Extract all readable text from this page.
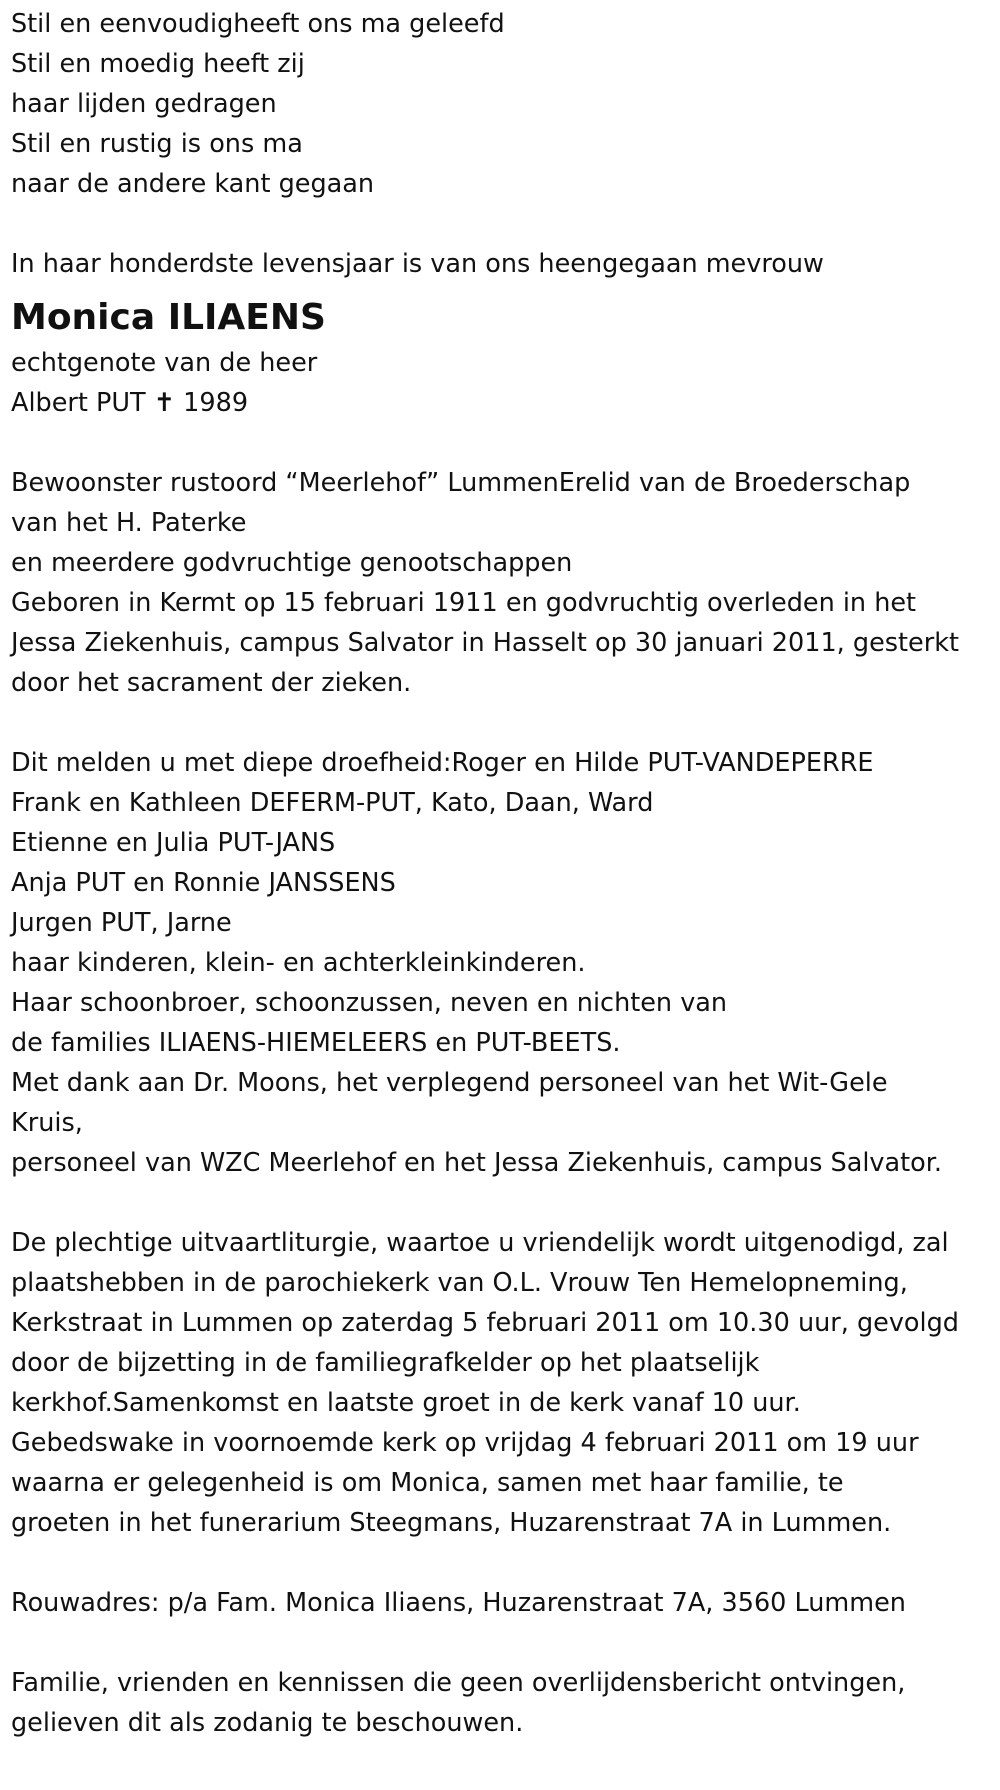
Stil en eenvoudigheeft ons ma geleefd
Stil en moedig heeft zij
haar lijden gedragen
Stil en rustig is ons ma
naar de andere kant gegaan
In haar honderdste levensjaar is van ons heengegaan mevrouw
Monica ILIAENS
echtgenote van de heer
Albert PUT ✝ 1989
Bewoonster rustoord “Meerlehof” LummenErelid van de Broederschap
van het H. Paterke
en meerdere godvruchtige genootschappen
Geboren in Kermt op 15 februari 1911 en godvruchtig overleden in het
Jessa Ziekenhuis, campus Salvator in Hasselt op 30 januari 2011, gesterkt
door het sacrament der zieken.
Dit melden u met diepe droefheid:Roger en Hilde PUT-VANDEPERRE
Frank en Kathleen DEFERM-PUT, Kato, Daan, Ward
Etienne en Julia PUT-JANS
Anja PUT en Ronnie JANSSENS
Jurgen PUT, Jarne
haar kinderen, klein- en achterkleinkinderen.
Haar schoonbroer, schoonzussen, neven en nichten van
de families ILIAENS-HIEMELEERS en PUT-BEETS.
Met dank aan Dr. Moons, het verplegend personeel van het Wit-Gele
Kruis,
personeel van WZC Meerlehof en het Jessa Ziekenhuis, campus Salvator.
De plechtige uitvaartliturgie, waartoe u vriendelijk wordt uitgenodigd, zal
plaatshebben in de parochiekerk van O.L. Vrouw Ten Hemelopneming,
Kerkstraat in Lummen op zaterdag 5 februari 2011 om 10.30 uur, gevolgd
door de bijzetting in de familiegrafkelder op het plaatselijk
kerkhof.Samenkomst en laatste groet in de kerk vanaf 10 uur.
Gebedswake in voornoemde kerk op vrijdag 4 februari 2011 om 19 uur
waarna er gelegenheid is om Monica, samen met haar familie, te
groeten in het funerarium Steegmans, Huzarenstraat 7A in Lummen.
Rouwadres: p/a Fam. Monica Iliaens, Huzarenstraat 7A, 3560 Lummen
Familie, vrienden en kennissen die geen overlijdensbericht ontvingen,
gelieven dit als zodanig te beschouwen.
